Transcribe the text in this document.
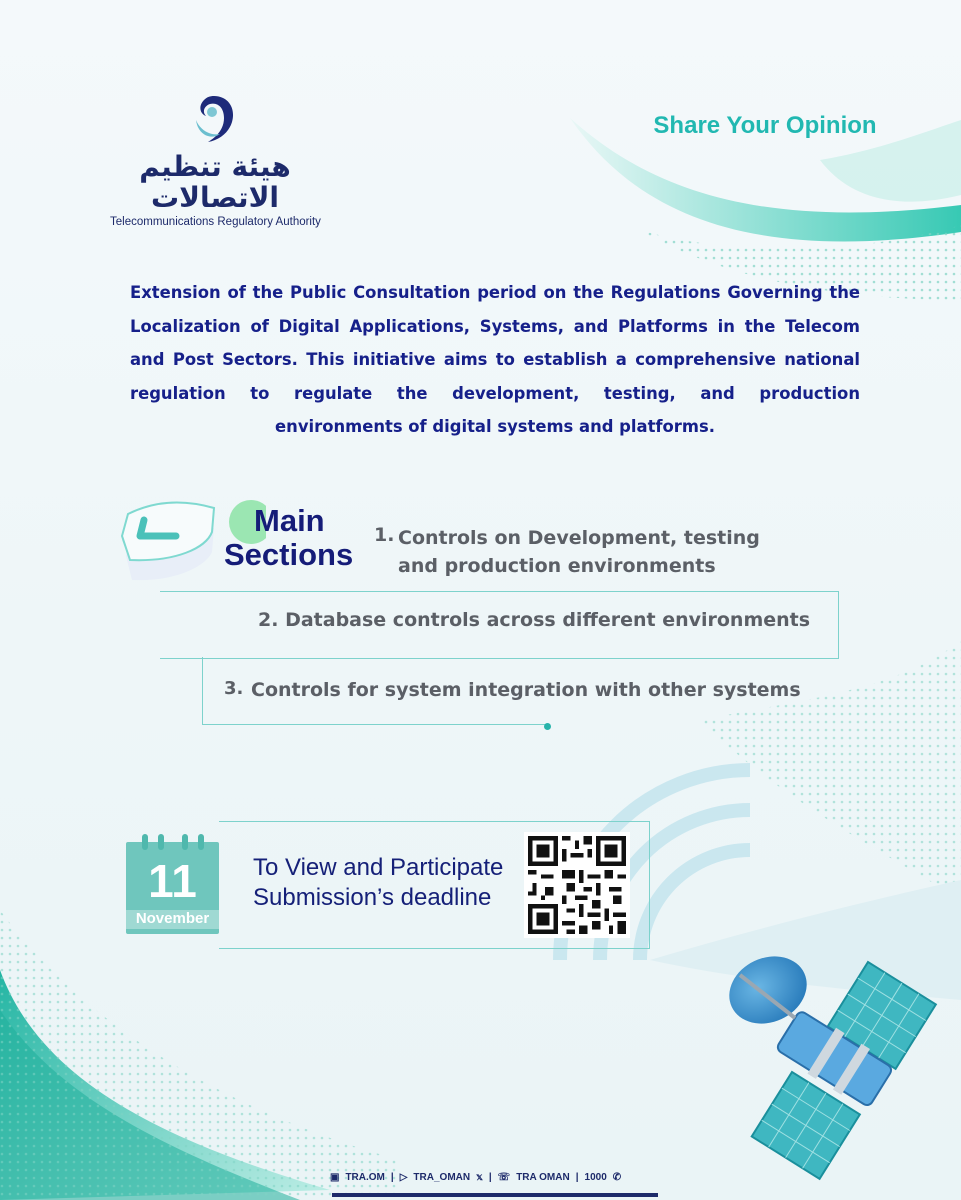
هيئة تنظيم الاتصالات
Telecommunications Regulatory Authority
Share Your Opinion
Extension of the Public Consultation period on the Regulations Governing the Localization of Digital Applications, Systems, and Platforms in the Telecom and Post Sectors. This initiative aims to establish a comprehensive national regulation to regulate the development, testing, and production environments of digital systems and platforms.
Main
Sections
1. Controls on Development, testing
and production environments
2. Database controls across different environments
3. Controls for system integration with other systems
11
November
To View and Participate
Submission’s deadline
▣ TRA.OM | ▷ TRA_OMAN 𝕩 | ☏ TRA OMAN | 1000 ✆
